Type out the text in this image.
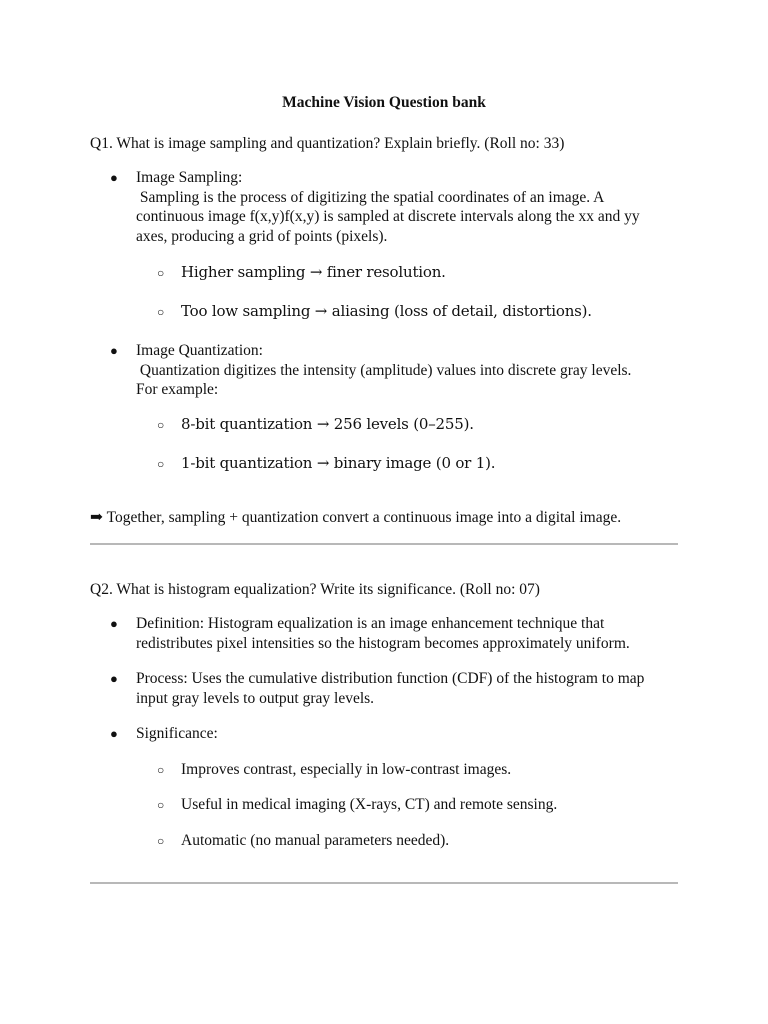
Machine Vision Question bank
Q1. What is image sampling and quantization? Explain briefly. (Roll no: 33)
● Image Sampling:
Sampling is the process of digitizing the spatial coordinates of an image. A
continuous image f(x,y)f(x,y) is sampled at discrete intervals along the xx and yy
axes, producing a grid of points (pixels).
○ Higher sampling → finer resolution.
○ Too low sampling → aliasing (loss of detail, distortions).
● Image Quantization:
Quantization digitizes the intensity (amplitude) values into discrete gray levels.
For example:
○ 8-bit quantization → 256 levels (0–255).
○ 1-bit quantization → binary image (0 or 1).
➡ Together, sampling + quantization convert a continuous image into a digital image.
Q2. What is histogram equalization? Write its significance. (Roll no: 07)
● Definition: Histogram equalization is an image enhancement technique that
redistributes pixel intensities so the histogram becomes approximately uniform.
● Process: Uses the cumulative distribution function (CDF) of the histogram to map
input gray levels to output gray levels.
● Significance:
○ Improves contrast, especially in low-contrast images.
○ Useful in medical imaging (X-rays, CT) and remote sensing.
○ Automatic (no manual parameters needed).
